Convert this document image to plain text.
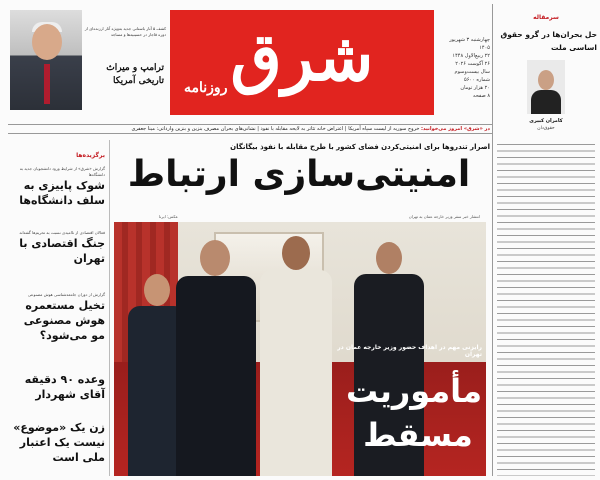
کشف ۵ آثار باستانی جدید به‌ویژه آثار ارزنده‌ای از دوره قاجار در حسینیه‌ها و مساجد
ترامپ و میراث تاریخی آمریکا	شرق
روزنامه
چهارشنبه ۳ شهریور ۱۴۰۵
۲۲ ربیع‌الاول ۱۴۴۸
۲۶ آگوست ۲۰۲۶
سال بیست‌وسوم
شماره ۵۶۰۰
۲۰ هزار تومان
۸ صفحه
سرمقاله
حل بحران‌ها در گرو حقوق اساسی ملت
کامران کبیری
حقوق‌دان
در «شرق» امروز می‌خوانید: خروج سوریه از لیست سپاه آمریکا | اعتراض خانه تئاتر به لایحه مقابله با نفوذ | نشانی‌های بحران مصرف بنزین و بنزین وارداتی: مینا جعفری
اصرار تندروها برای امنیتی‌کردن فضای کشور با طرح مقابله با نفوذ بیگانگان
امنیتی‌سازی ارتباط
عکس: ایرنا	انتشار خبر سفر وزیر خارجه عمان به تهران
برگزیده‌ها
گزارش «شرق» از شرایط ورود دانشجویان جدید به دانشگاه‌ها
شوک پاییزی به سلف دانشگاه‌ها
فعالان اقتصادی از ناامیدی نسبت به تحریم‌ها گفته‌اند
جنگ اقتصادی با تهران
گزارش از دوران جامعه‌شناسی هوش مصنوعی
تخیل مستعمره هوش مصنوعی مو می‌شود؟
وعده ۹۰ دقیقه آقای شهردار
زن یک «موضوع» نیست یک اعتبار ملی است
رایزنی مهم در اهداف حضور وزیر خارجه عمان در تهران
مأموریت
مسقط
